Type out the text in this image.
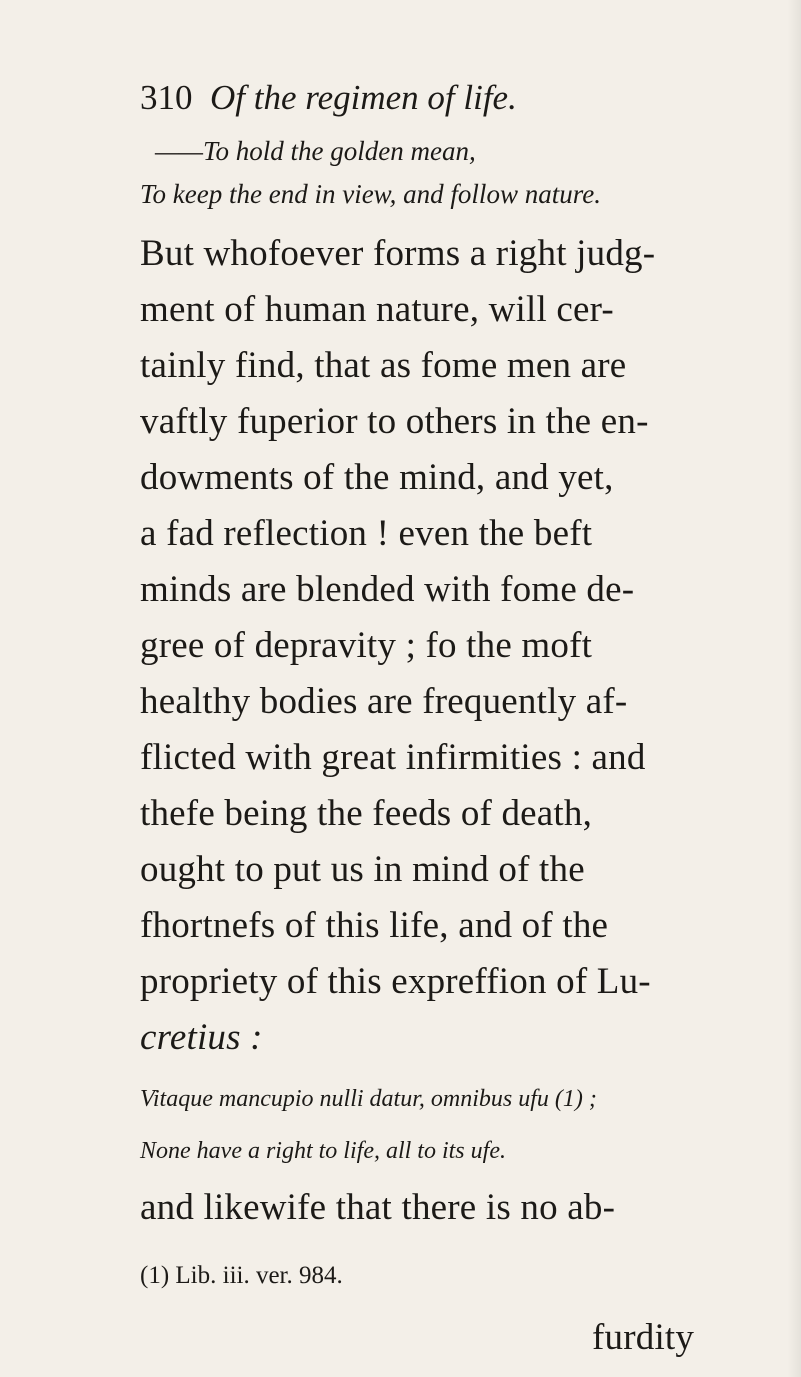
310 Of the regimen of life.
——To hold the golden mean,
To keep the end in view, and follow nature.
But whofoever forms a right judg-
ment of human nature, will cer-
tainly find, that as fome men are
vaftly fuperior to others in the en-
dowments of the mind, and yet,
a fad reflection ! even the beft
minds are blended with fome de-
gree of depravity ; fo the moft
healthy bodies are frequently af-
flicted with great infirmities : and
thefe being the feeds of death,
ought to put us in mind of the
fhortnefs of this life, and of the
propriety of this expreffion of Lu-
cretius :
Vitaque mancupio nulli datur, omnibus ufu (1) ;
None have a right to life, all to its ufe.
and likewife that there is no ab-
(1) Lib. iii. ver. 984.
furdity
